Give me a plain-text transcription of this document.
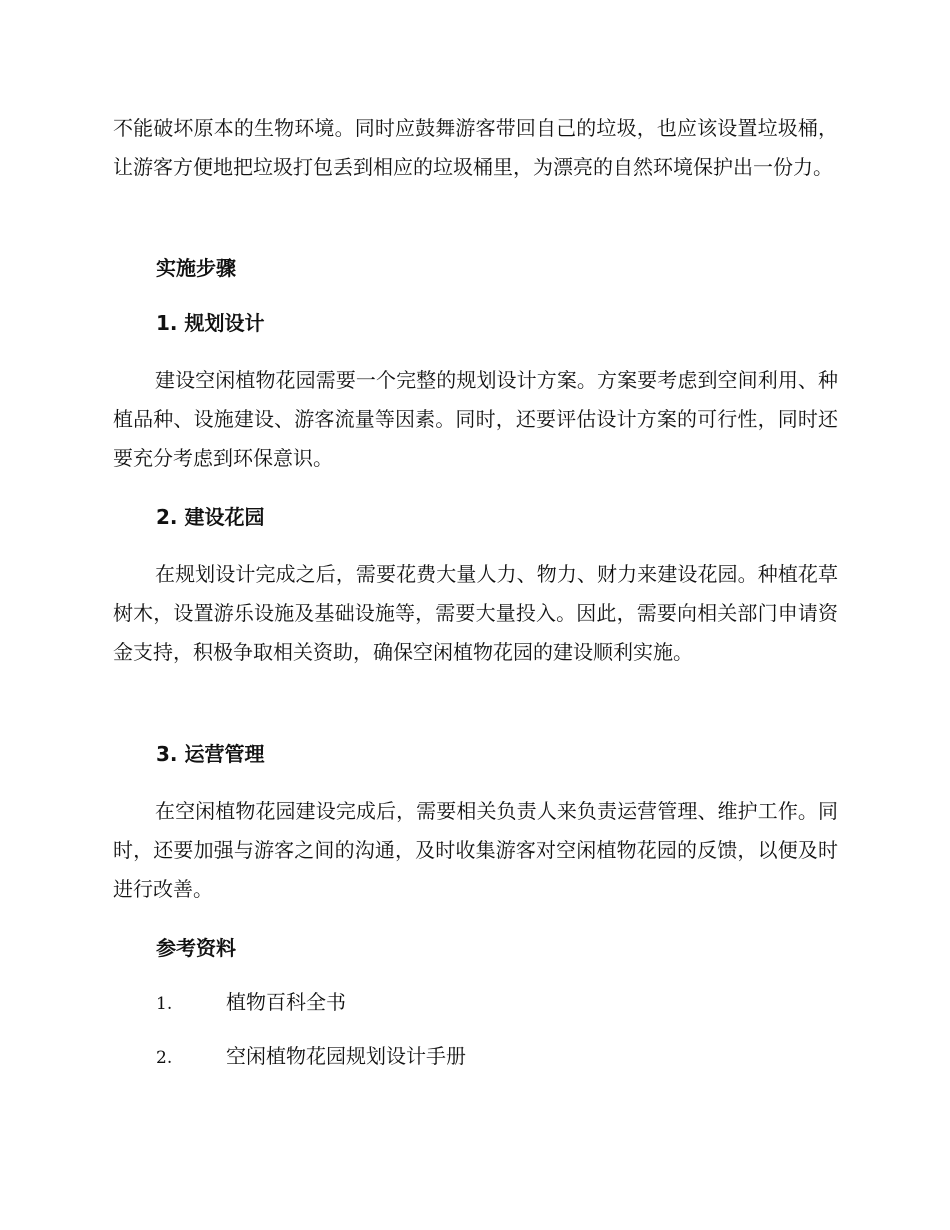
不能破坏原本的生物环境。同时应鼓舞游客带回自己的垃圾，也应该设置垃圾桶，让游客方便地把垃圾打包丢到相应的垃圾桶里，为漂亮的自然环境保护出一份力。

实施步骤
1. 规划设计

建设空闲植物花园需要一个完整的规划设计方案。方案要考虑到空间利用、种植品种、设施建设、游客流量等因素。同时，还要评估设计方案的可行性，同时还要充分考虑到环保意识。

2. 建设花园

在规划设计完成之后，需要花费大量人力、物力、财力来建设花园。种植花草树木，设置游乐设施及基础设施等，需要大量投入。因此，需要向相关部门申请资金支持，积极争取相关资助，确保空闲植物花园的建设顺利实施。

3. 运营管理

在空闲植物花园建设完成后，需要相关负责人来负责运营管理、维护工作。同时，还要加强与游客之间的沟通，及时收集游客对空闲植物花园的反馈，以便及时进行改善。

参考资料

1.	植物百科全书

2.	空闲植物花园规划设计手册
